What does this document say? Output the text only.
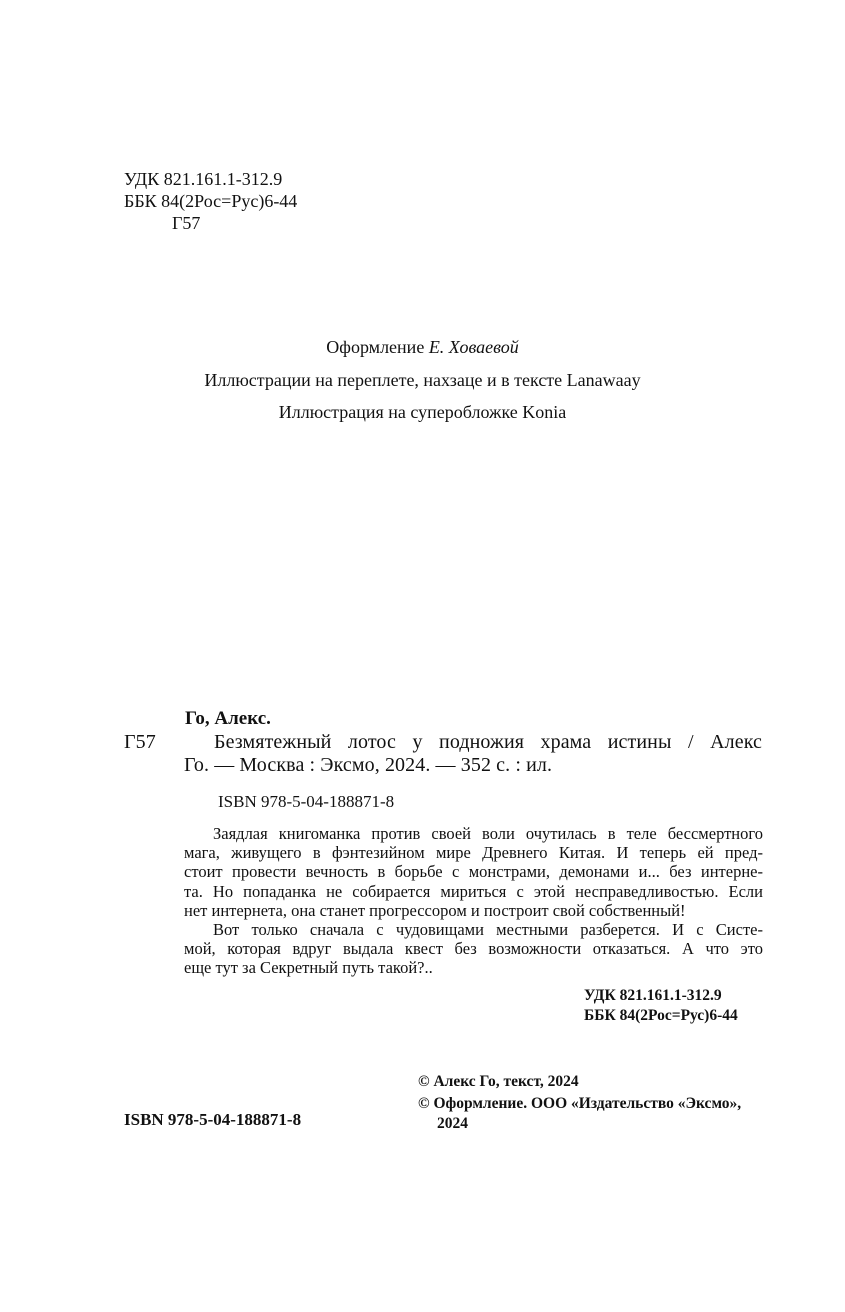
УДК 821.161.1-312.9
ББК 84(2Рос=Рус)6-44
Г57
Оформление Е. Ховаевой
Иллюстрации на переплете, нахзаце и в тексте Lanawaay
Иллюстрация на суперобложке Konia
Го, Алекс.
Г57	Безмятежный лотос у подножия храма истины / Алекс
Го. — Москва : Эксмо, 2024. — 352 с. : ил.
ISBN 978-5-04-188871-8
Заядлая книгоманка против своей воли очутилась в теле бессмертного
мага, живущего в фэнтезийном мире Древнего Китая. И теперь ей пред-
стоит провести вечность в борьбе с монстрами, демонами и... без интерне-
та. Но попаданка не собирается мириться с этой несправедливостью. Если
нет интернета, она станет прогрессором и построит свой собственный!
Вот только сначала с чудовищами местными разберется. И с Систе-
мой, которая вдруг выдала квест без возможности отказаться. А что это
еще тут за Секретный путь такой?..
УДК 821.161.1-312.9
ББК 84(2Рос=Рус)6-44
© Алекс Го, текст, 2024
© Оформление. ООО «Издательство «Эксмо»,
2024
ISBN 978-5-04-188871-8
